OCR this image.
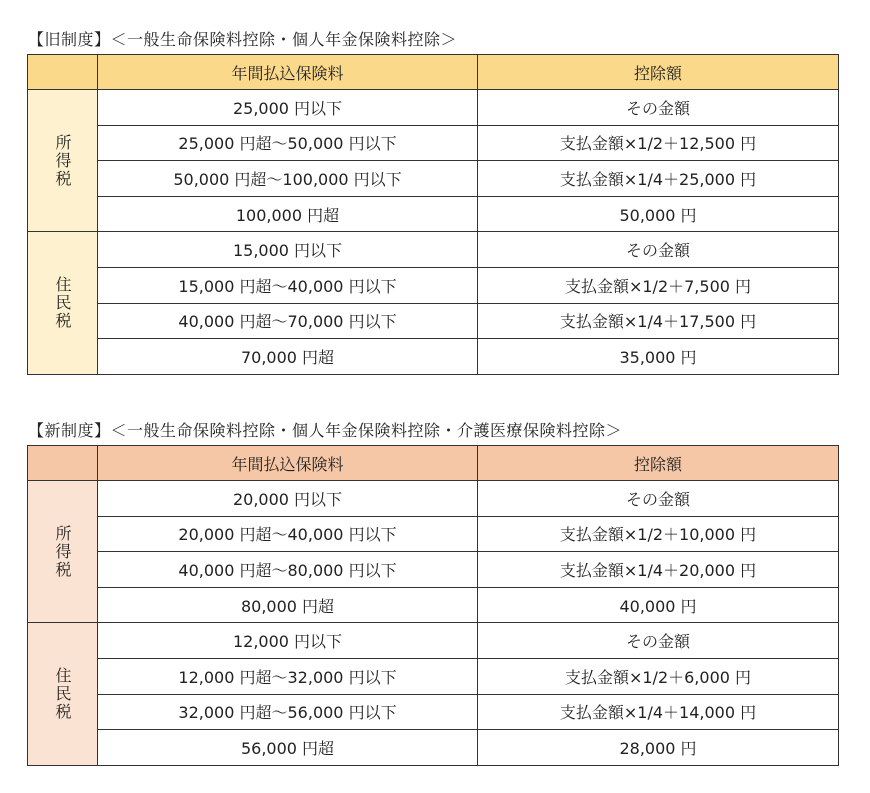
【旧制度】＜一般生命保険料控除・個人年金保険料控除＞
	年間払込保険料	控除額
所得税	25,000 円以下	その金額
	25,000 円超～50,000 円以下	支払金額×1/2＋12,500 円
	50,000 円超～100,000 円以下	支払金額×1/4＋25,000 円
	100,000 円超	50,000 円
住民税	15,000 円以下	その金額
	15,000 円超～40,000 円以下	支払金額×1/2＋7,500 円
	40,000 円超～70,000 円以下	支払金額×1/4＋17,500 円
	70,000 円超	35,000 円
【新制度】＜一般生命保険料控除・個人年金保険料控除・介護医療保険料控除＞
	年間払込保険料	控除額
所得税	20,000 円以下	その金額
	20,000 円超～40,000 円以下	支払金額×1/2＋10,000 円
	40,000 円超～80,000 円以下	支払金額×1/4＋20,000 円
	80,000 円超	40,000 円
住民税	12,000 円以下	その金額
	12,000 円超～32,000 円以下	支払金額×1/2＋6,000 円
	32,000 円超～56,000 円以下	支払金額×1/4＋14,000 円
	56,000 円超	28,000 円
